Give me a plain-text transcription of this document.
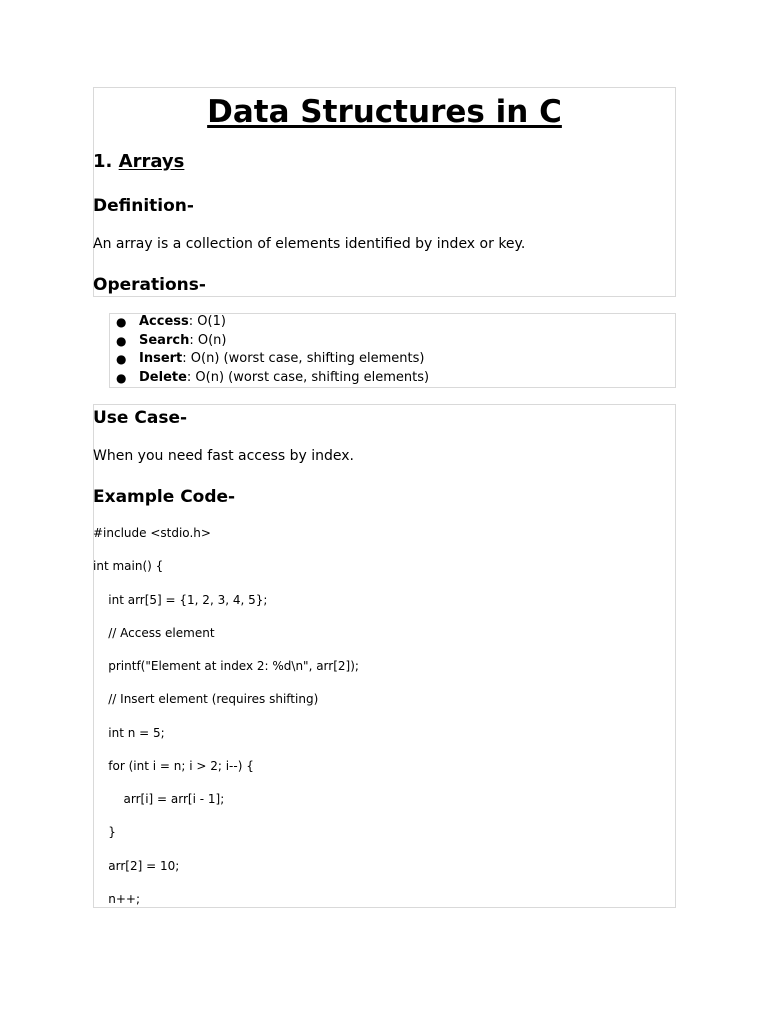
Data Structures in C
1. Arrays
Definition-

An array is a collection of elements identified by index or key.

Operations-
● Access: O(1)
● Search: O(n)
● Insert: O(n) (worst case, shifting elements)
● Delete: O(n) (worst case, shifting elements)
Use Case-

When you need fast access by index.

Example Code-
#include <stdio.h>
int main() {
int arr[5] = {1, 2, 3, 4, 5};
// Access element
printf("Element at index 2: %d\n", arr[2]);
// Insert element (requires shifting)
int n = 5;
for (int i = n; i > 2; i--) {
arr[i] = arr[i - 1];
}
arr[2] = 10;
n++;
